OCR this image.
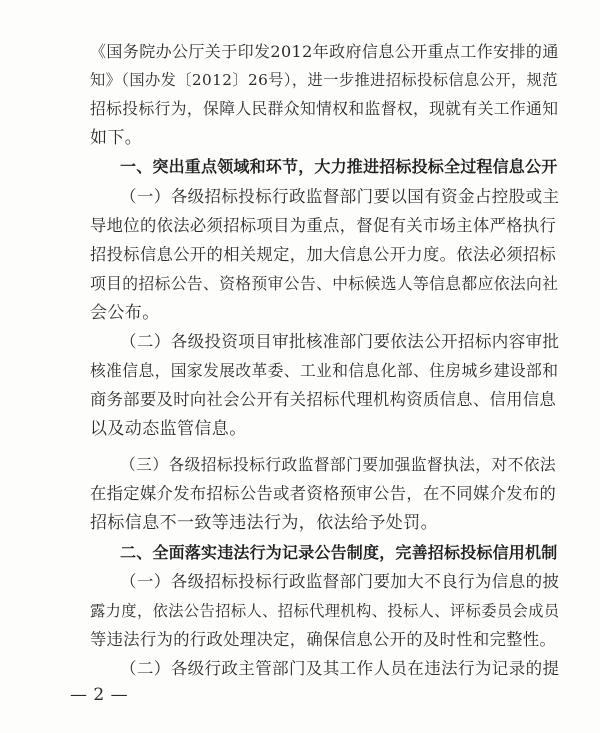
《国务院办公厅关于印发2012年政府信息公开重点工作安排的通

知》（国办发〔2012〕26号），进一步推进招标投标信息公开，规范

招标投标行为，保障人民群众知情权和监督权，现就有关工作通知

如下。

一、突出重点领域和环节，大力推进招标投标全过程信息公开

（一）各级招标投标行政监督部门要以国有资金占控股或主

导地位的依法必须招标项目为重点，督促有关市场主体严格执行

招投标信息公开的相关规定，加大信息公开力度。依法必须招标

项目的招标公告、资格预审公告、中标候选人等信息都应依法向社

会公布。

（二）各级投资项目审批核准部门要依法公开招标内容审批

核准信息，国家发展改革委、工业和信息化部、住房城乡建设部和

商务部要及时向社会公开有关招标代理机构资质信息、信用信息

以及动态监管信息。

（三）各级招标投标行政监督部门要加强监督执法，对不依法

在指定媒介发布招标公告或者资格预审公告，在不同媒介发布的

招标信息不一致等违法行为，依法给予处罚。

二、全面落实违法行为记录公告制度，完善招标投标信用机制

（一）各级招标投标行政监督部门要加大不良行为信息的披

露力度，依法公告招标人、招标代理机构、投标人、评标委员会成员

等违法行为的行政处理决定，确保信息公开的及时性和完整性。

（二）各级行政主管部门及其工作人员在违法行为记录的提

— 2 —
